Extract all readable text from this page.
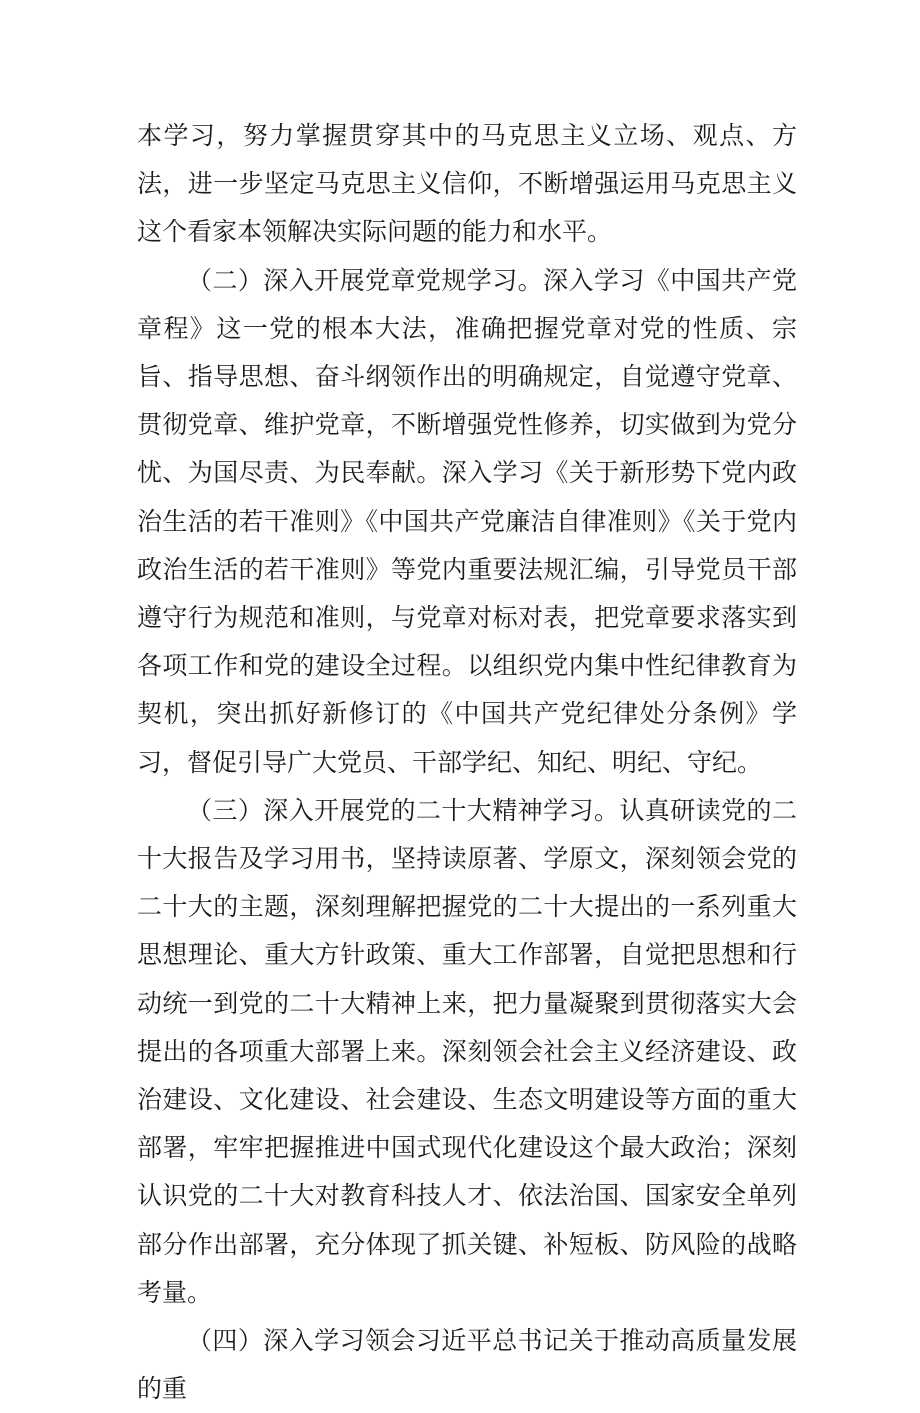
本学习，努力掌握贯穿其中的马克思主义立场、观点、方法，进一步坚定马克思主义信仰，不断增强运用马克思主义这个看家本领解决实际问题的能力和水平。

（二）深入开展党章党规学习。深入学习《中国共产党章程》这一党的根本大法，准确把握党章对党的性质、宗旨、指导思想、奋斗纲领作出的明确规定，自觉遵守党章、贯彻党章、维护党章，不断增强党性修养，切实做到为党分忧、为国尽责、为民奉献。深入学习《关于新形势下党内政治生活的若干准则》《中国共产党廉洁自律准则》《关于党内政治生活的若干准则》等党内重要法规汇编，引导党员干部遵守行为规范和准则，与党章对标对表，把党章要求落实到各项工作和党的建设全过程。以组织党内集中性纪律教育为契机，突出抓好新修订的《中国共产党纪律处分条例》学习，督促引导广大党员、干部学纪、知纪、明纪、守纪。

（三）深入开展党的二十大精神学习。认真研读党的二十大报告及学习用书，坚持读原著、学原文，深刻领会党的二十大的主题，深刻理解把握党的二十大提出的一系列重大思想理论、重大方针政策、重大工作部署，自觉把思想和行动统一到党的二十大精神上来，把力量凝聚到贯彻落实大会提出的各项重大部署上来。深刻领会社会主义经济建设、政治建设、文化建设、社会建设、生态文明建设等方面的重大部署，牢牢把握推进中国式现代化建设这个最大政治；深刻认识党的二十大对教育科技人才、依法治国、国家安全单列部分作出部署，充分体现了抓关键、补短板、防风险的战略考量。

（四）深入学习领会习近平总书记关于推动高质量发展的重
